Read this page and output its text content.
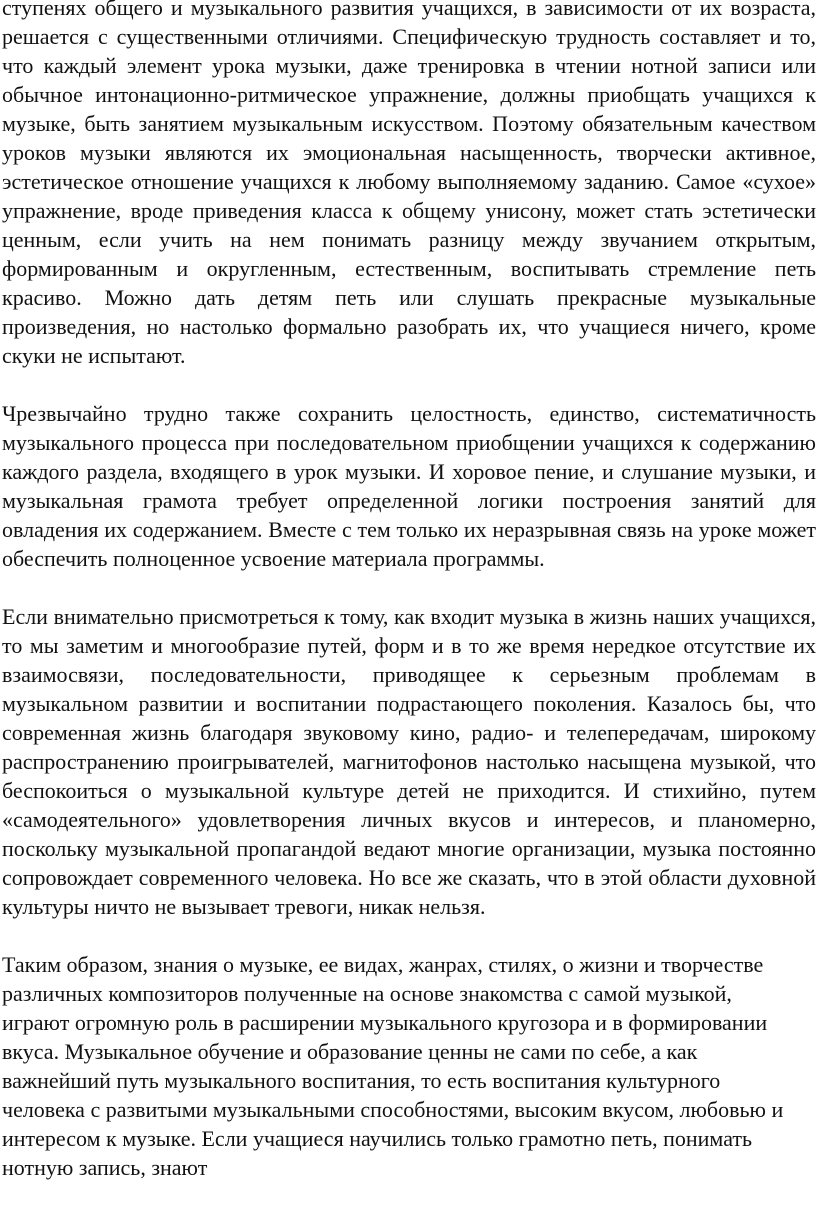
ступенях общего и музыкального развития учащихся, в зависимости от их возраста, решается с существенными отличиями. Специфическую трудность составляет и то, что каждый элемент урока музыки, даже тренировка в чтении нотной записи или обычное интонационно-ритмическое упражнение, должны приобщать учащихся к музыке, быть занятием музыкальным искусством. Поэтому обязательным качеством уроков музыки являются их эмоциональная насыщенность, творчески активное, эстетическое отношение учащихся к любому выполняемому заданию. Самое «сухое» упражнение, вроде приведения класса к общему унисону, может стать эстетически ценным, если учить на нем понимать разницу между звучанием открытым, формированным и округленным, естественным, воспитывать стремление петь красиво. Можно дать детям петь или слушать прекрасные музыкальные произведения, но настолько формально разобрать их, что учащиеся ничего, кроме скуки не испытают.

Чрезвычайно трудно также сохранить целостность, единство, систематичность музыкального процесса при последовательном приобщении учащихся к содержанию каждого раздела, входящего в урок музыки. И хоровое пение, и слушание музыки, и музыкальная грамота требует определенной логики построения занятий для овладения их содержанием. Вместе с тем только их неразрывная связь на уроке может обеспечить полноценное усвоение материала программы.

Если внимательно присмотреться к тому, как входит музыка в жизнь наших учащихся, то мы заметим и многообразие путей, форм и в то же время нередкое отсутствие их взаимосвязи, последовательности, приводящее к серьезным проблемам в музыкальном развитии и воспитании подрастающего поколения. Казалось бы, что современная жизнь благодаря звуковому кино, радио- и телепередачам, широкому распространению проигрывателей, магнитофонов настолько насыщена музыкой, что беспокоиться о музыкальной культуре детей не приходится. И стихийно, путем «самодеятельного» удовлетворения личных вкусов и интересов, и планомерно, поскольку музыкальной пропагандой ведают многие организации, музыка постоянно сопровождает современного человека. Но все же сказать, что в этой области духовной культуры ничто не вызывает тревоги, никак нельзя.

Таким образом, знания о музыке, ее видах, жанрах, стилях, о жизни и творчестве различных композиторов полученные на основе знакомства с самой музыкой, играют огромную роль в расширении музыкального кругозора и в формировании вкуса. Музыкальное обучение и образование ценны не сами по себе, а как важнейший путь музыкального воспитания, то есть воспитания культурного человека с развитыми музыкальными способностями, высоким вкусом, любовью и интересом к музыке. Если учащиеся научились только грамотно петь, понимать нотную запись, знают
